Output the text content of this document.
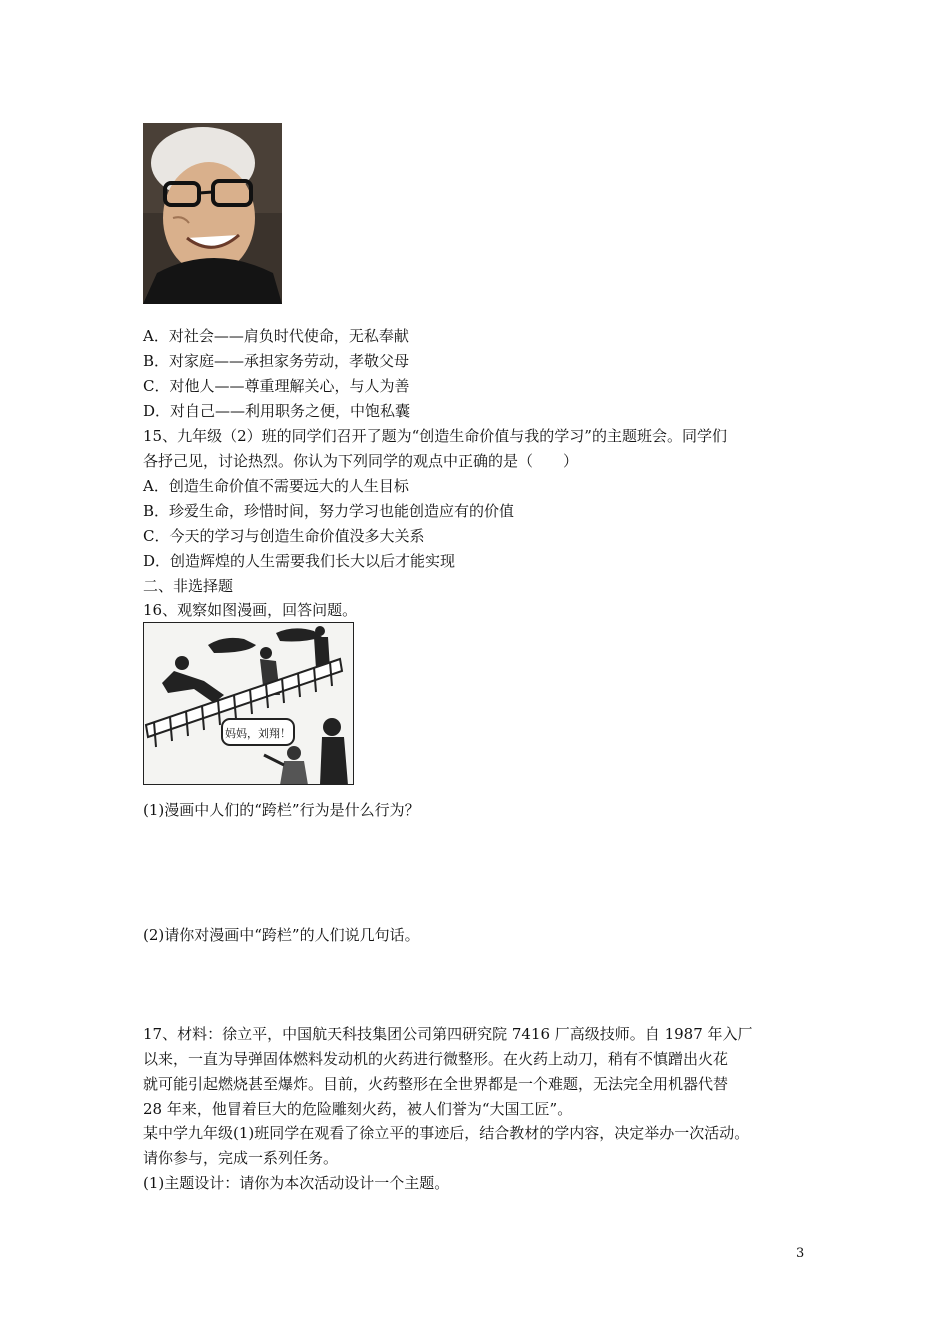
A．对社会——肩负时代使命，无私奉献
B．对家庭——承担家务劳动，孝敬父母
C．对他人——尊重理解关心，与人为善
D．对自己——利用职务之便，中饱私囊
15、九年级（2）班的同学们召开了题为“创造生命价值与我的学习”的主题班会。同学们
各抒己见，讨论热烈。你认为下列同学的观点中正确的是（　　）
A．创造生命价值不需要远大的人生目标
B．珍爱生命，珍惜时间，努力学习也能创造应有的价值
C．今天的学习与创造生命价值没多大关系
D．创造辉煌的人生需要我们长大以后才能实现
二、非选择题
16、观察如图漫画，回答问题。
妈妈，刘翔！
(1)漫画中人们的“跨栏”行为是什么行为？
(2)请你对漫画中“跨栏”的人们说几句话。
17、材料：徐立平，中国航天科技集团公司第四研究院 7416 厂高级技师。自 1987 年入厂
以来，一直为导弹固体燃料发动机的火药进行微整形。在火药上动刀，稍有不慎蹭出火花
就可能引起燃烧甚至爆炸。目前，火药整形在全世界都是一个难题，无法完全用机器代替
28 年来，他冒着巨大的危险雕刻火药，被人们誉为“大国工匠”。
某中学九年级(1)班同学在观看了徐立平的事迹后，结合教材的学内容，决定举办一次活动。
请你参与，完成一系列任务。
(1)主题设计：请你为本次活动设计一个主题。
3
